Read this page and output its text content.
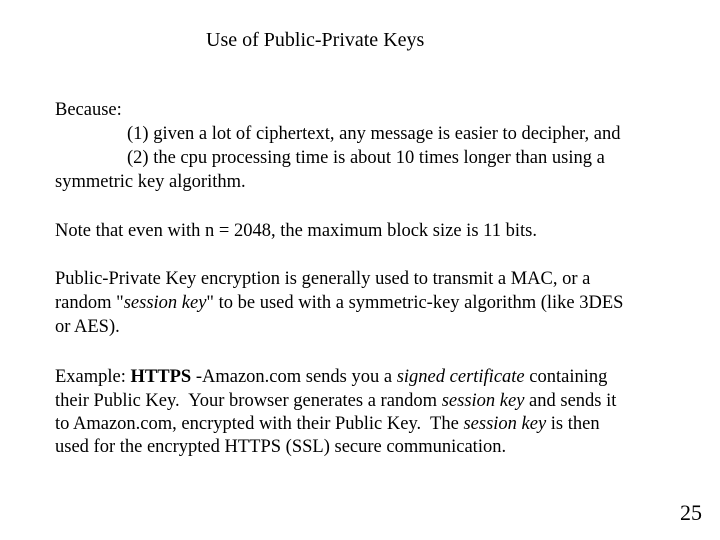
Use of Public-Private Keys
Because:
(1) given a lot of ciphertext, any message is easier to decipher, and
(2) the cpu processing time is about 10 times longer than using a
symmetric key algorithm.
Note that even with n = 2048, the maximum block size is 11 bits.
Public-Private Key encryption is generally used to transmit a MAC, or a
random "session key" to be used with a symmetric-key algorithm (like 3DES
or AES).
Example: HTTPS -Amazon.com sends you a signed certificate containing
their Public Key.  Your browser generates a random session key and sends it
to Amazon.com, encrypted with their Public Key.  The session key is then
used for the encrypted HTTPS (SSL) secure communication.
25
